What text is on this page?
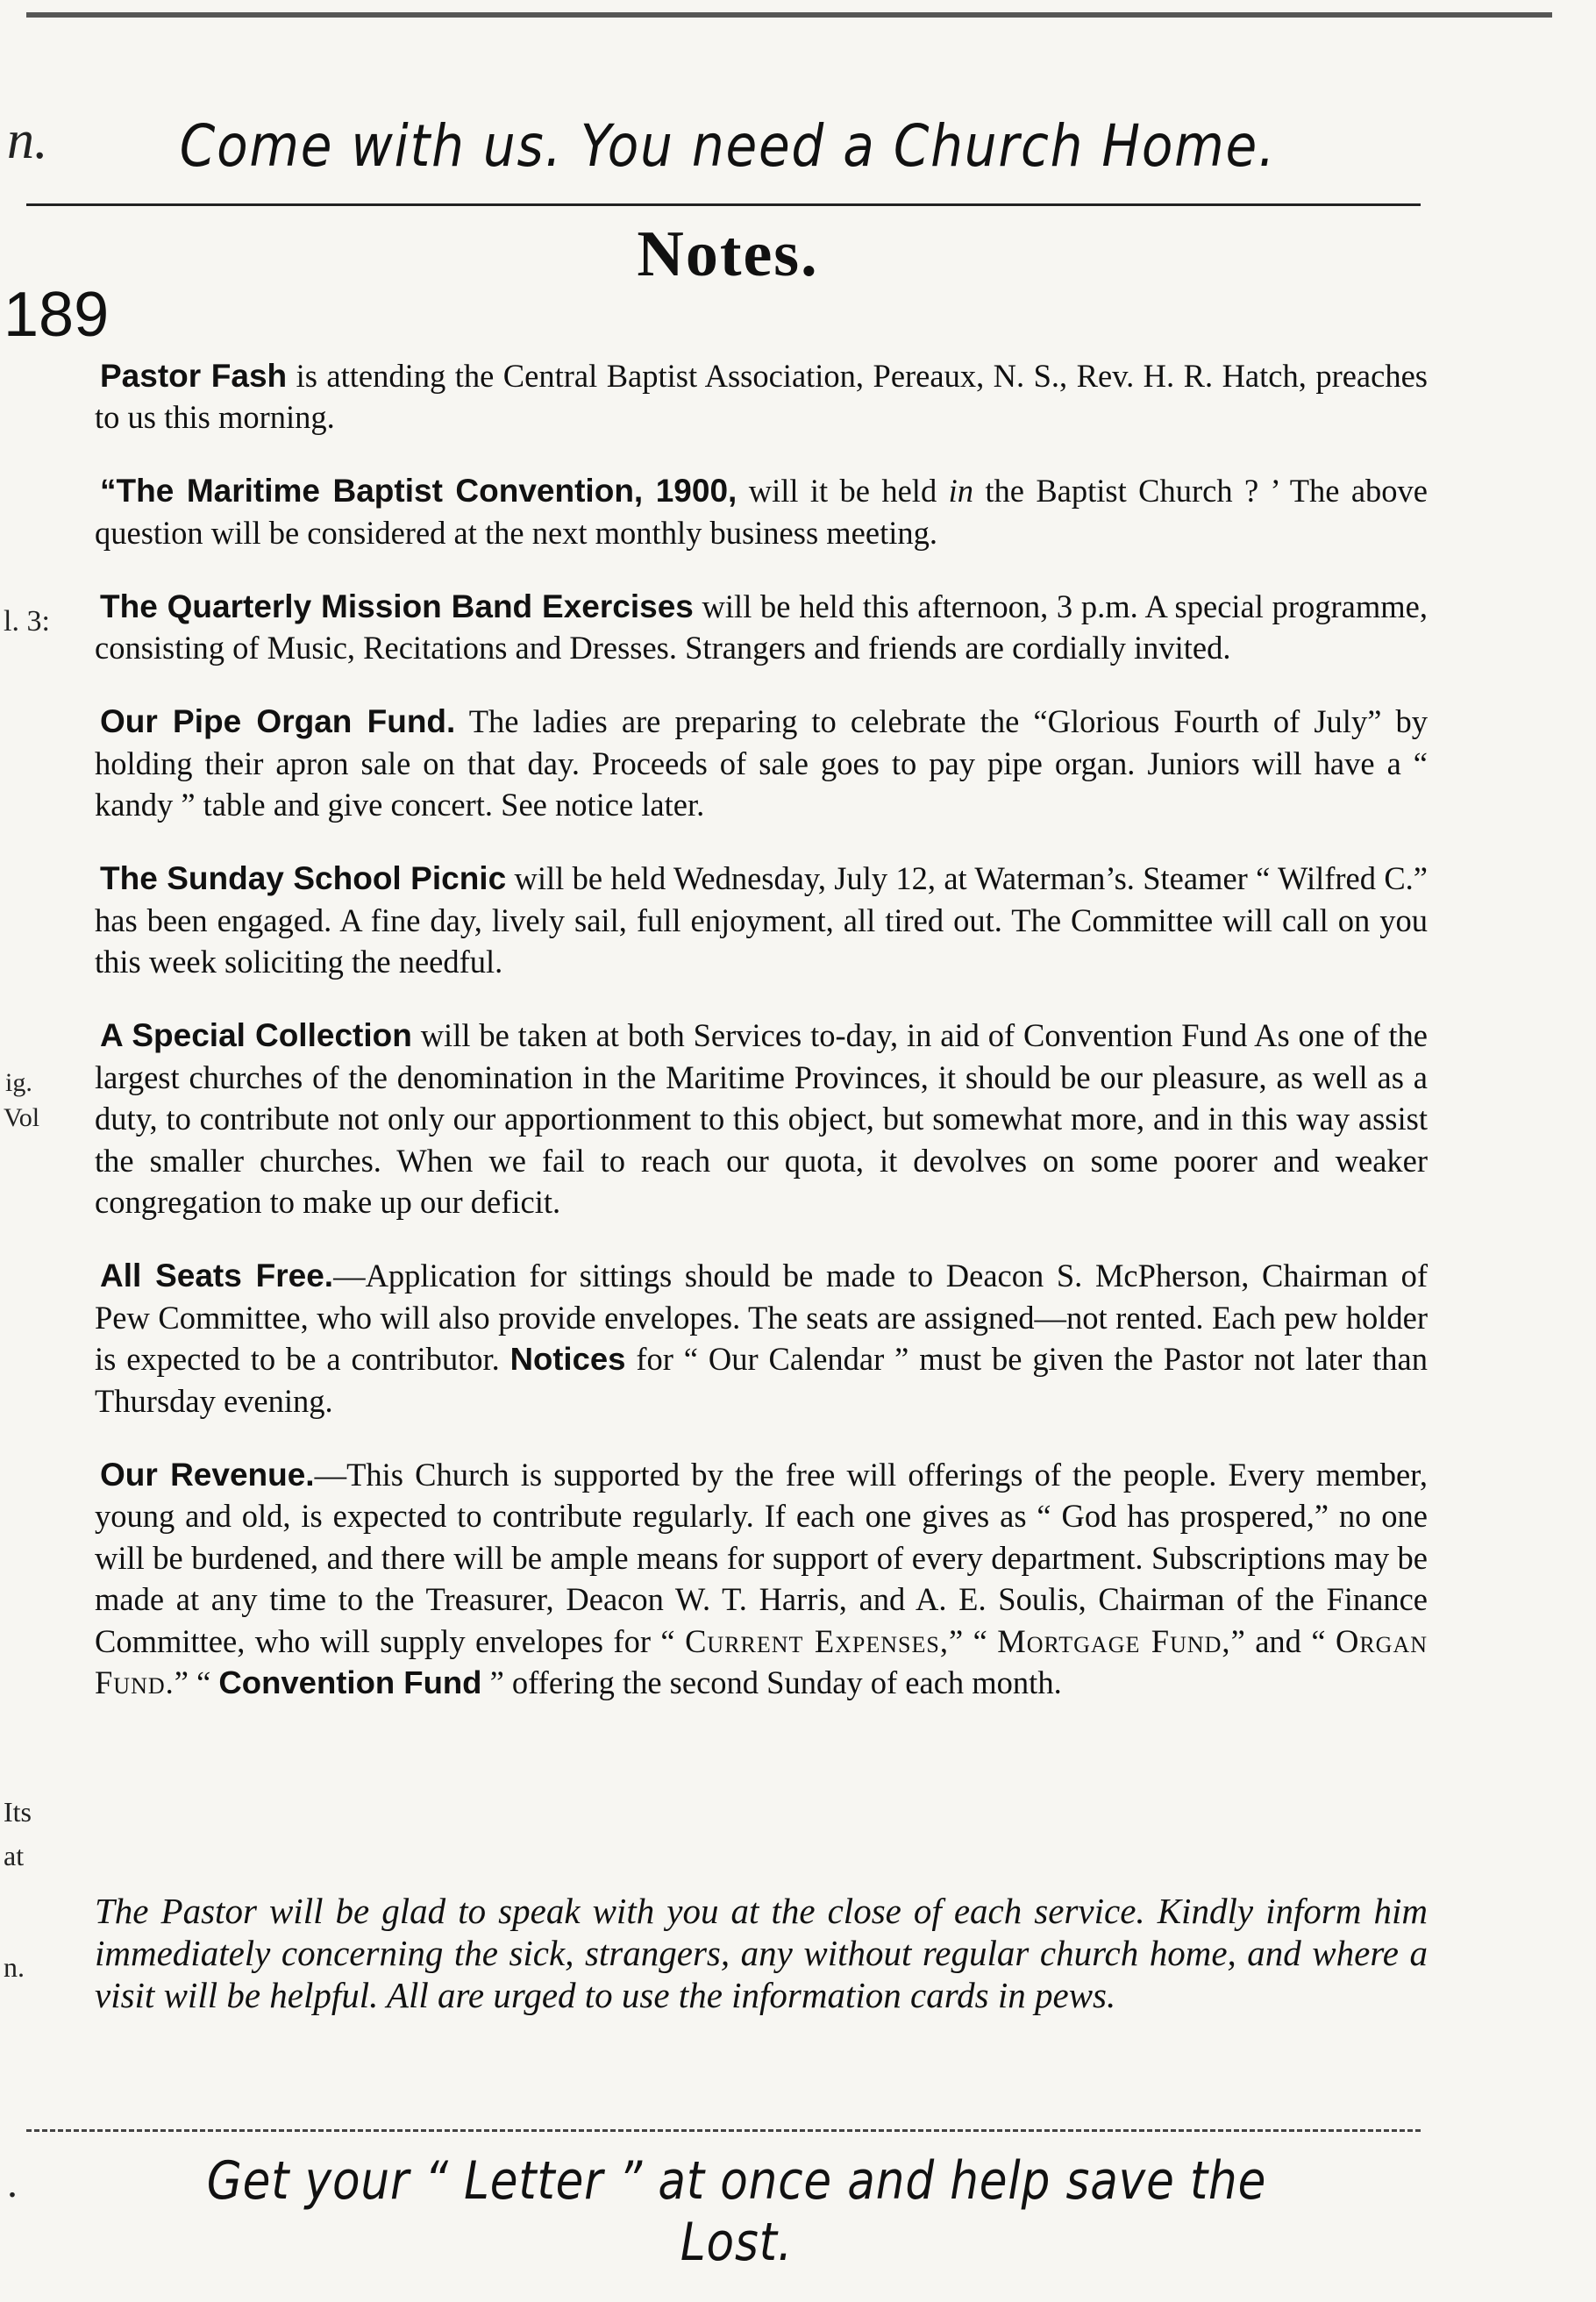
n.	Come with us. You need a Church Home.
Notes.
189
l. 3:
ig.
Vol
Its
at
n.

Pastor Fash is attending the Central Baptist Association, Pereaux, N. S., Rev. H. R. Hatch, preaches to us this morning.

“The Maritime Baptist Convention, 1900, will it be held in the Baptist Church ? ’ The above question will be considered at the next monthly business meeting.

The Quarterly Mission Band Exercises will be held this afternoon, 3 p.m. A special programme, consisting of Music, Recitations and Dresses. Strangers and friends are cordially invited.

Our Pipe Organ Fund. The ladies are preparing to celebrate the “Glorious Fourth of July” by holding their apron sale on that day. Proceeds of sale goes to pay pipe organ. Juniors will have a “ kandy ” table and give concert. See notice later.

The Sunday School Picnic will be held Wednesday, July 12, at Waterman’s. Steamer “ Wilfred C.” has been engaged. A fine day, lively sail, full enjoyment, all tired out. The Committee will call on you this week soliciting the needful.

A Special Collection will be taken at both Services to-day, in aid of Convention Fund As one of the largest churches of the denomination in the Maritime Provinces, it should be our pleasure, as well as a duty, to contribute not only our apportionment to this object, but somewhat more, and in this way assist the smaller churches. When we fail to reach our quota, it devolves on some poorer and weaker congregation to make up our deficit.

All Seats Free.—Application for sittings should be made to Deacon S. McPherson, Chairman of Pew Committee, who will also provide envelopes. The seats are assigned—not rented. Each pew holder is expected to be a contributor. Notices for “ Our Calendar ” must be given the Pastor not later than Thursday evening.

Our Revenue.—This Church is supported by the free will offerings of the people. Every member, young and old, is expected to contribute regularly. If each one gives as “ God has prospered,” no one will be burdened, and there will be ample means for support of every department. Subscriptions may be made at any time to the Treasurer, Deacon W. T. Harris, and A. E. Soulis, Chairman of the Finance Committee, who will supply envelopes for “ Current Expenses,” “ Mortgage Fund,” and “ Organ Fund.” “ Convention Fund ” offering the second Sunday of each month.

The Pastor will be glad to speak with you at the close of each service. Kindly inform him immediately concerning the sick, strangers, any without regular church home, and where a visit will be helpful. All are urged to use the information cards in pews.
.	Get your “ Letter ” at once and help save the Lost.
